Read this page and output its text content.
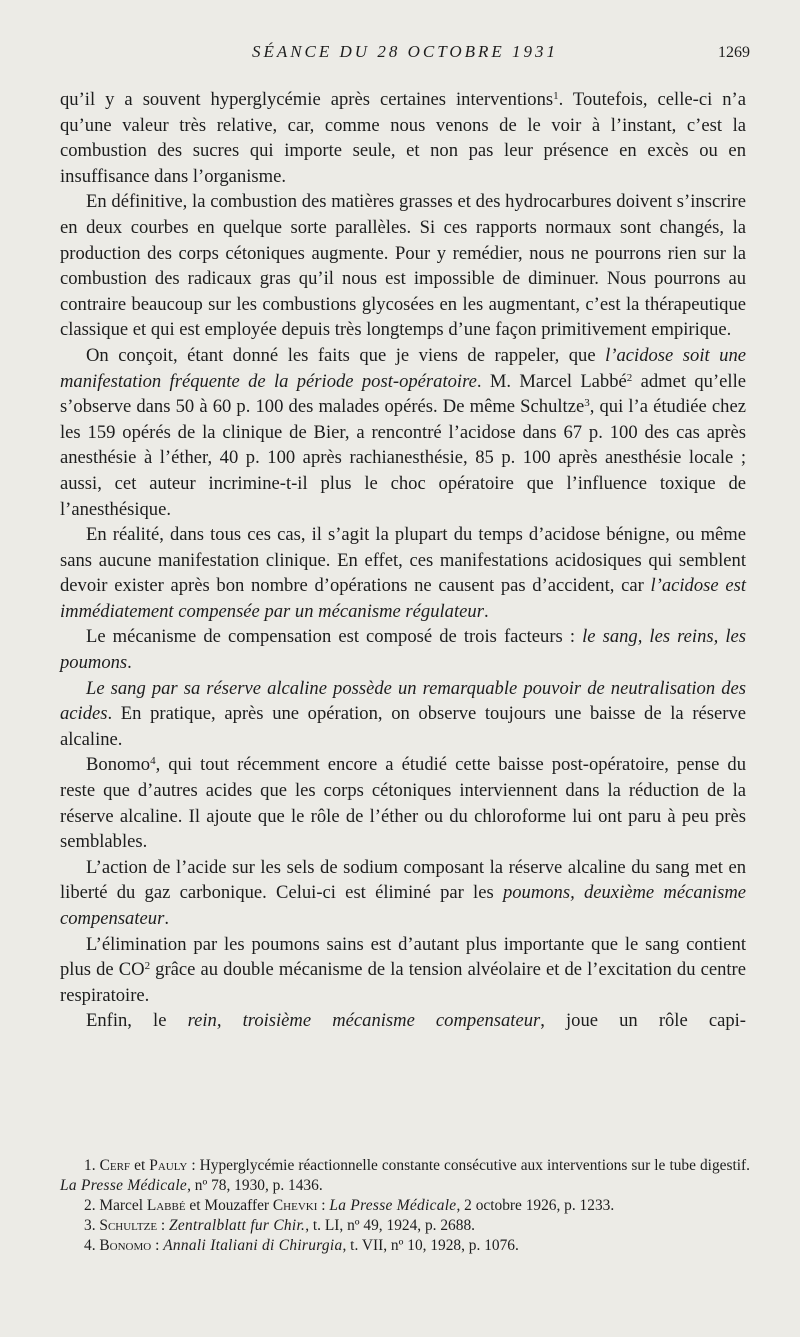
SÉANCE DU 28 OCTOBRE 1931	1269

qu’il y a souvent hyperglycémie après certaines interventions$^1$. Toutefois, celle-ci n’a qu’une valeur très relative, car, comme nous venons de le voir à l’instant, c’est la combustion des sucres qui importe seule, et non pas leur présence en excès ou en insuffisance dans l’organisme.

En définitive, la combustion des matières grasses et des hydrocarbures doivent s’inscrire en deux courbes en quelque sorte parallèles. Si ces rapports normaux sont changés, la production des corps cétoniques augmente. Pour y remédier, nous ne pourrons rien sur la combustion des radicaux gras qu’il nous est impossible de diminuer. Nous pourrons au contraire beaucoup sur les combustions glycosées en les augmentant, c’est la thérapeutique classique et qui est employée depuis très longtemps d’une façon primitivement empirique.

On conçoit, étant donné les faits que je viens de rappeler, que l’acidose soit une manifestation fréquente de la période post-opératoire. M. Marcel Labbé$^2$ admet qu’elle s’observe dans 50 à 60 p. 100 des malades opérés. De même Schultze$^3$, qui l’a étudiée chez les 159 opérés de la clinique de Bier, a rencontré l’acidose dans 67 p. 100 des cas après anesthésie à l’éther, 40 p. 100 après rachianesthésie, 85 p. 100 après anesthésie locale ; aussi, cet auteur incrimine-t-il plus le choc opératoire que l’influence toxique de l’anesthésique.

En réalité, dans tous ces cas, il s’agit la plupart du temps d’acidose bénigne, ou même sans aucune manifestation clinique. En effet, ces manifestations acidosiques qui semblent devoir exister après bon nombre d’opérations ne causent pas d’accident, car l’acidose est immédiatement compensée par un mécanisme régulateur.

Le mécanisme de compensation est composé de trois facteurs : le sang, les reins, les poumons.

Le sang par sa réserve alcaline possède un remarquable pouvoir de neutralisation des acides. En pratique, après une opération, on observe toujours une baisse de la réserve alcaline.

Bonomo$^4$, qui tout récemment encore a étudié cette baisse post-opératoire, pense du reste que d’autres acides que les corps cétoniques interviennent dans la réduction de la réserve alcaline. Il ajoute que le rôle de l’éther ou du chloroforme lui ont paru à peu près semblables.

L’action de l’acide sur les sels de sodium composant la réserve alcaline du sang met en liberté du gaz carbonique. Celui-ci est éliminé par les poumons, deuxième mécanisme compensateur.

L’élimination par les poumons sains est d’autant plus importante que le sang contient plus de $CO^2$ grâce au double mécanisme de la tension alvéolaire et de l’excitation du centre respiratoire.

Enfin, le rein, troisième mécanisme compensateur, joue un rôle capi-

1. Cerf et Pauly : Hyperglycémie réactionnelle constante consécutive aux interventions sur le tube digestif. La Presse Médicale, nº 78, 1930, p. 1436.

2. Marcel Labbé et Mouzaffer Chevki : La Presse Médicale, 2 octobre 1926, p. 1233.

3. Schultze : Zentralblatt fur Chir., t. LI, nº 49, 1924, p. 2688.

4. Bonomo : Annali Italiani di Chirurgia, t. VII, nº 10, 1928, p. 1076.
